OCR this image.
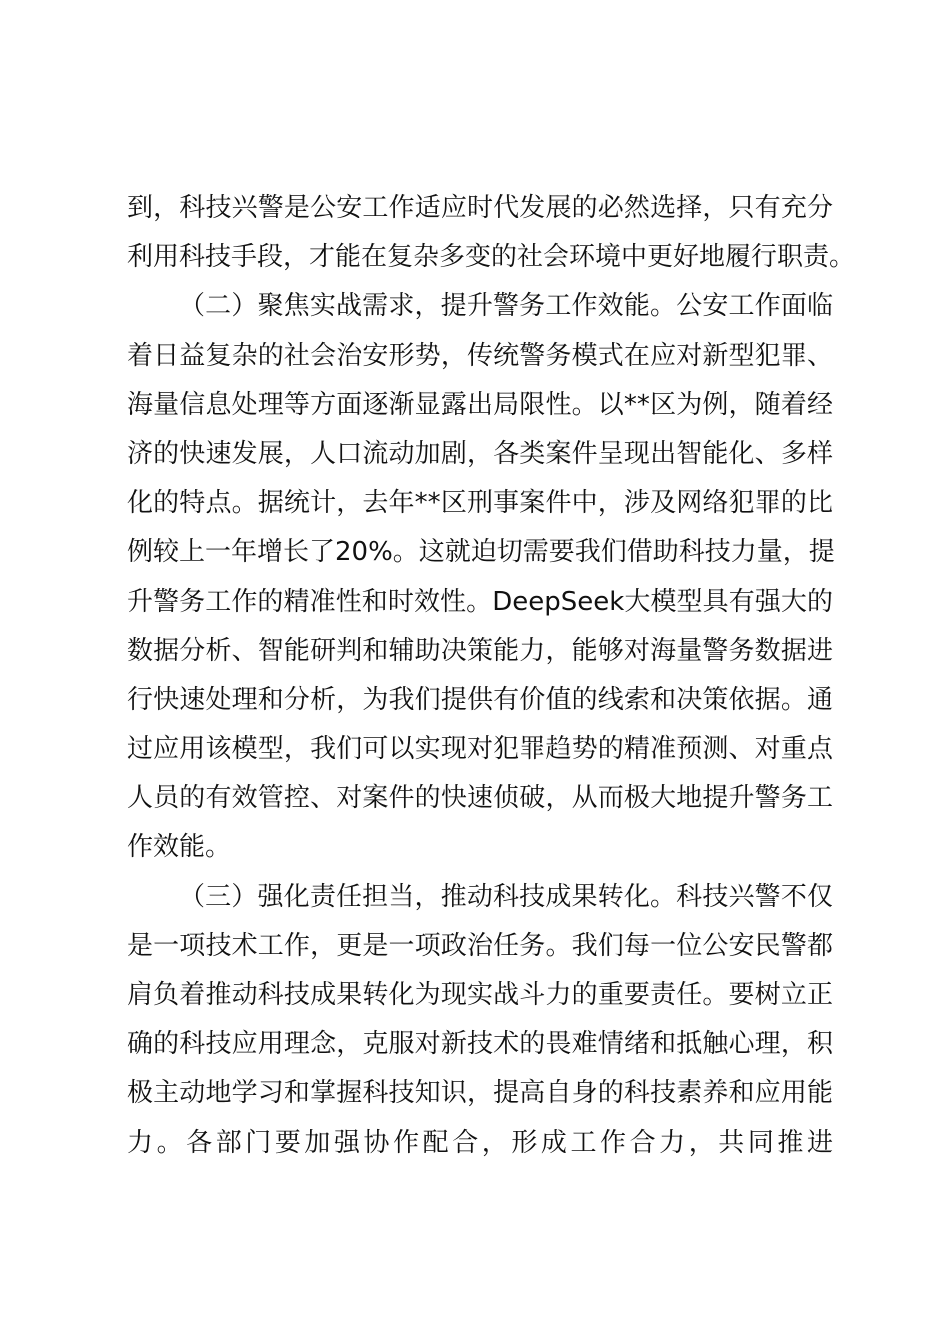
到，科技兴警是公安工作适应时代发展的必然选择，只有充分
利用科技手段，才能在复杂多变的社会环境中更好地履行职责。
（二）聚焦实战需求，提升警务工作效能。公安工作面临
着日益复杂的社会治安形势，传统警务模式在应对新型犯罪、
海量信息处理等方面逐渐显露出局限性。以**区为例，随着经
济的快速发展，人口流动加剧，各类案件呈现出智能化、多样
化的特点。据统计，去年**区刑事案件中，涉及网络犯罪的比
例较上一年增长了20%。这就迫切需要我们借助科技力量，提
升警务工作的精准性和时效性。DeepSeek大模型具有强大的
数据分析、智能研判和辅助决策能力，能够对海量警务数据进
行快速处理和分析，为我们提供有价值的线索和决策依据。通
过应用该模型，我们可以实现对犯罪趋势的精准预测、对重点
人员的有效管控、对案件的快速侦破，从而极大地提升警务工
作效能。
（三）强化责任担当，推动科技成果转化。科技兴警不仅
是一项技术工作，更是一项政治任务。我们每一位公安民警都
肩负着推动科技成果转化为现实战斗力的重要责任。要树立正
确的科技应用理念，克服对新技术的畏难情绪和抵触心理，积
极主动地学习和掌握科技知识，提高自身的科技素养和应用能
力。各部门要加强协作配合，形成工作合力，共同推进
